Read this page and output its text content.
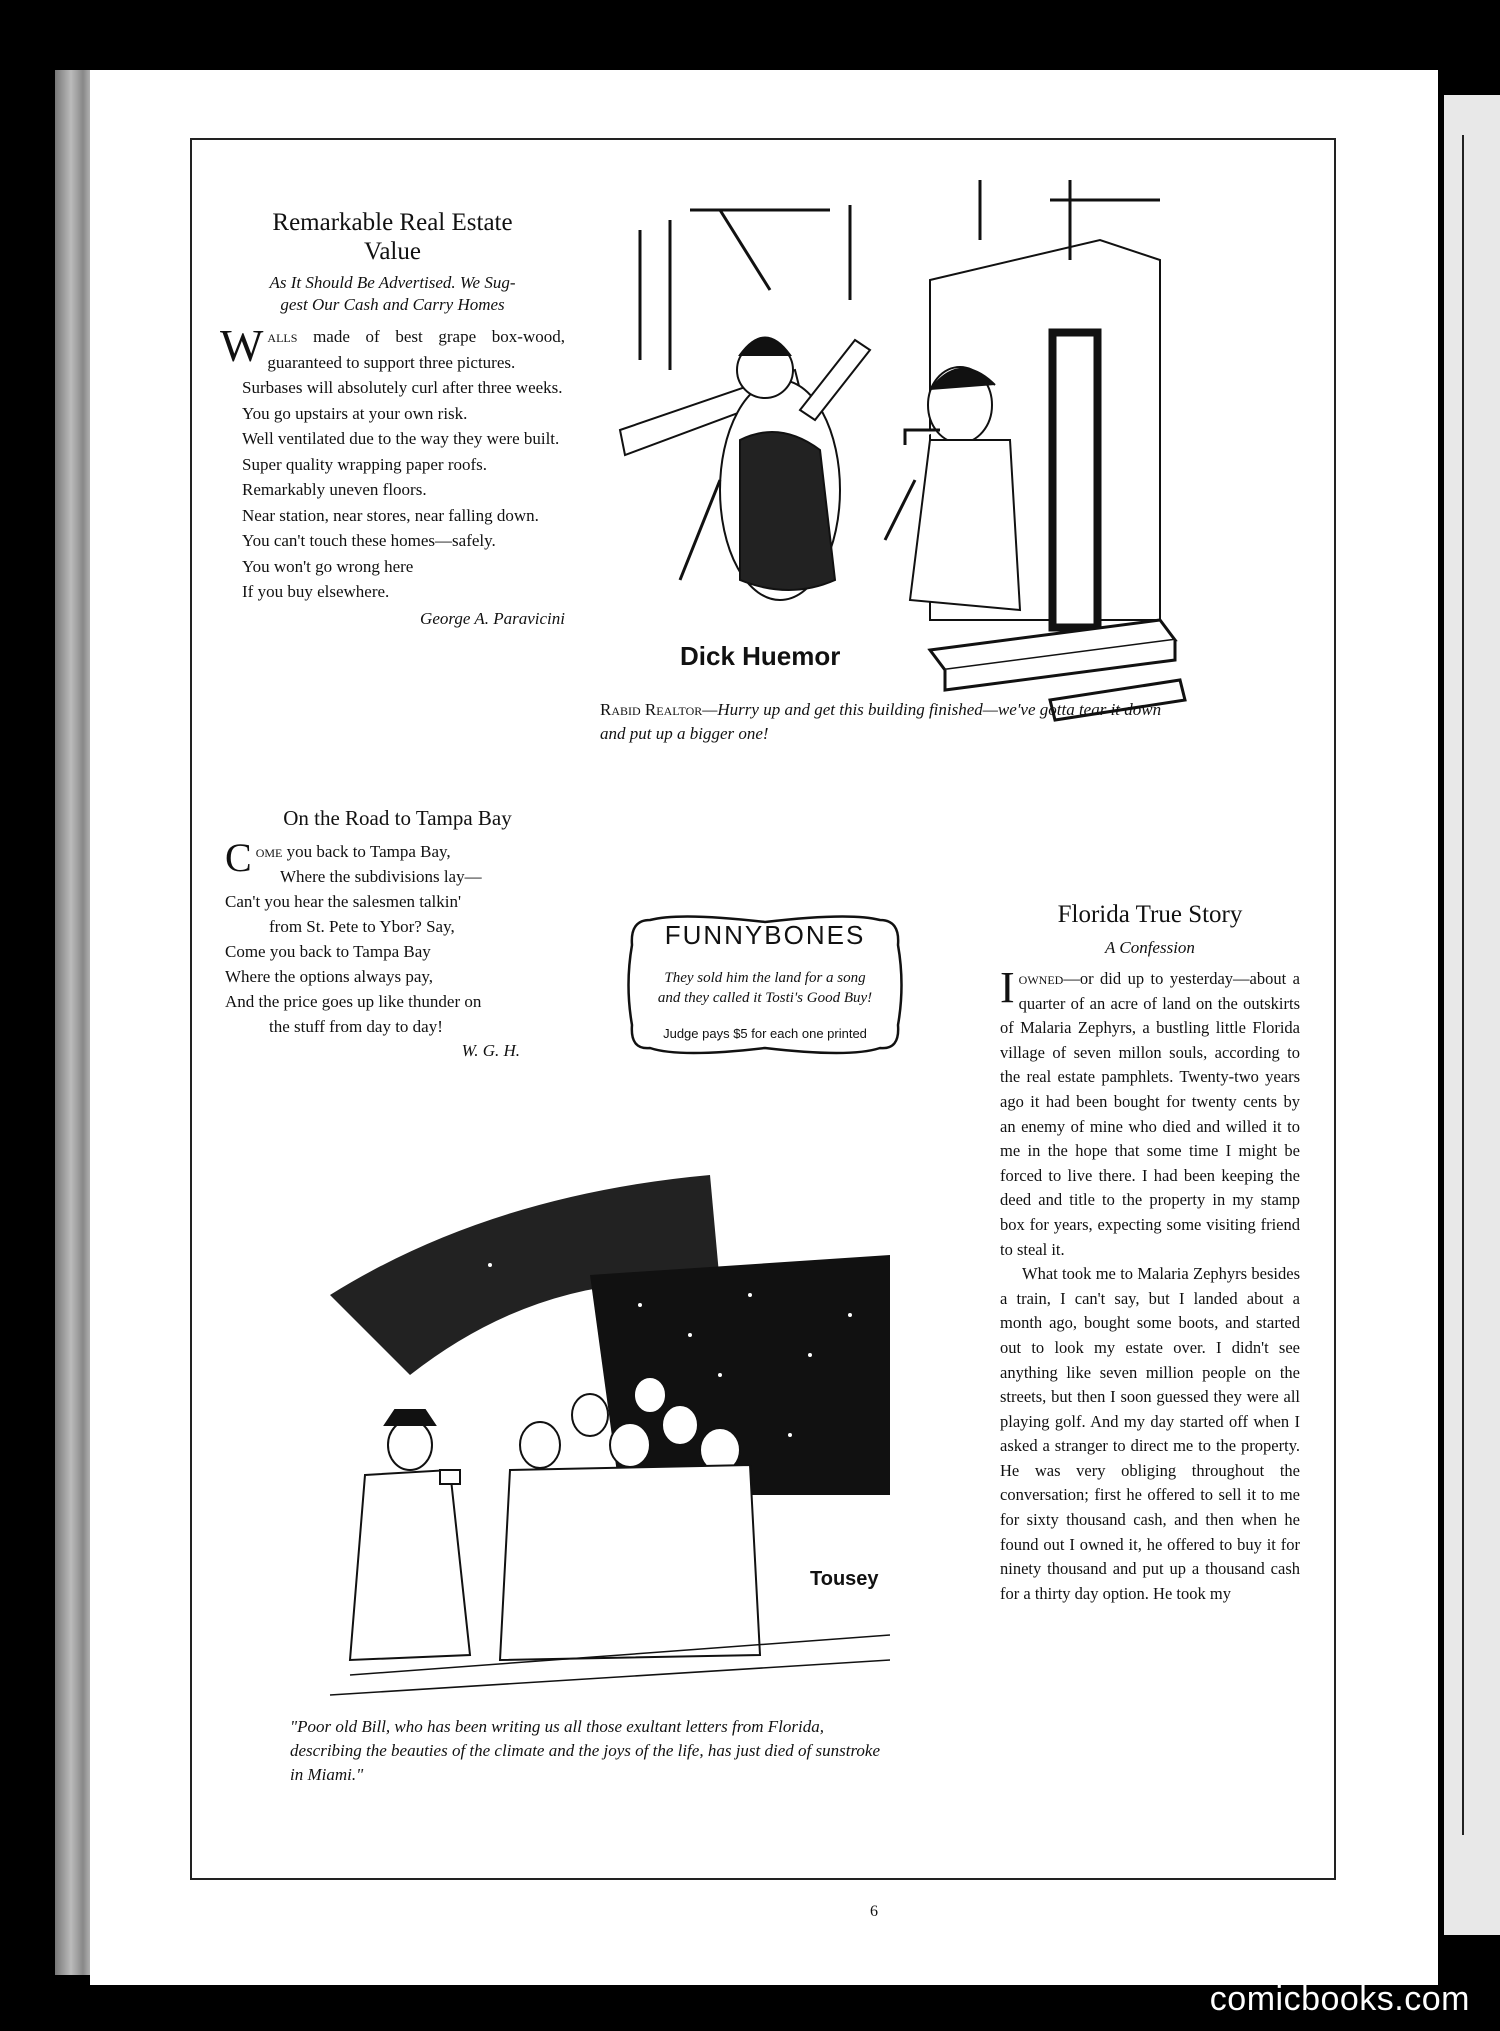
Remarkable Real Estate
Value
As It Should Be Advertised. We Sug-
gest Our Cash and Carry Homes
Walls made of best grape box-wood, guaranteed to support three pictures.
Surbases will absolutely curl after three weeks.
You go upstairs at your own risk.
Well ventilated due to the way they were built.
Super quality wrapping paper roofs.
Remarkably uneven floors.
Near station, near stores, near falling down.
You can't touch these homes—safely.
You won't go wrong here
If you buy elsewhere.
George A. Paravicini
On the Road to Tampa Bay
Come you back to Tampa Bay,
Where the subdivisions lay—
Can't you hear the salesmen talkin'
from St. Pete to Ybor? Say,
Come you back to Tampa Bay
Where the options always pay,
And the price goes up like thunder on
the stuff from day to day!
W. G. H.
Dick Huemor
Rabid Realtor—Hurry up and get this building finished—we've gotta tear it down and put up a bigger one!
FUNNYBONES
They sold him the land for a song
and they called it Tosti's Good Buy!
Judge pays $5 for each one printed
Florida True Story
A Confession
Iowned—or did up to yesterday—about a quarter of an acre of land on the outskirts of Malaria Zephyrs, a bustling little Florida village of seven millon souls, according to the real estate pamphlets. Twenty-two years ago it had been bought for twenty cents by an enemy of mine who died and willed it to me in the hope that some time I might be forced to live there. I had been keeping the deed and title to the property in my stamp box for years, expecting some visiting friend to steal it.
What took me to Malaria Zephyrs besides a train, I can't say, but I landed about a month ago, bought some boots, and started out to look my estate over. I didn't see anything like seven million people on the streets, but then I soon guessed they were all playing golf. And my day started off when I asked a stranger to direct me to the property. He was very obliging throughout the conversation; first he offered to sell it to me for sixty thousand cash, and then when he found out I owned it, he offered to buy it for ninety thousand and put up a thousand cash for a thirty day option. He took my
Tousey
"Poor old Bill, who has been writing us all those exultant letters from Florida, describing the beauties of the climate and the joys of the life, has just died of sunstroke in Miami."
6
comicbooks.com
